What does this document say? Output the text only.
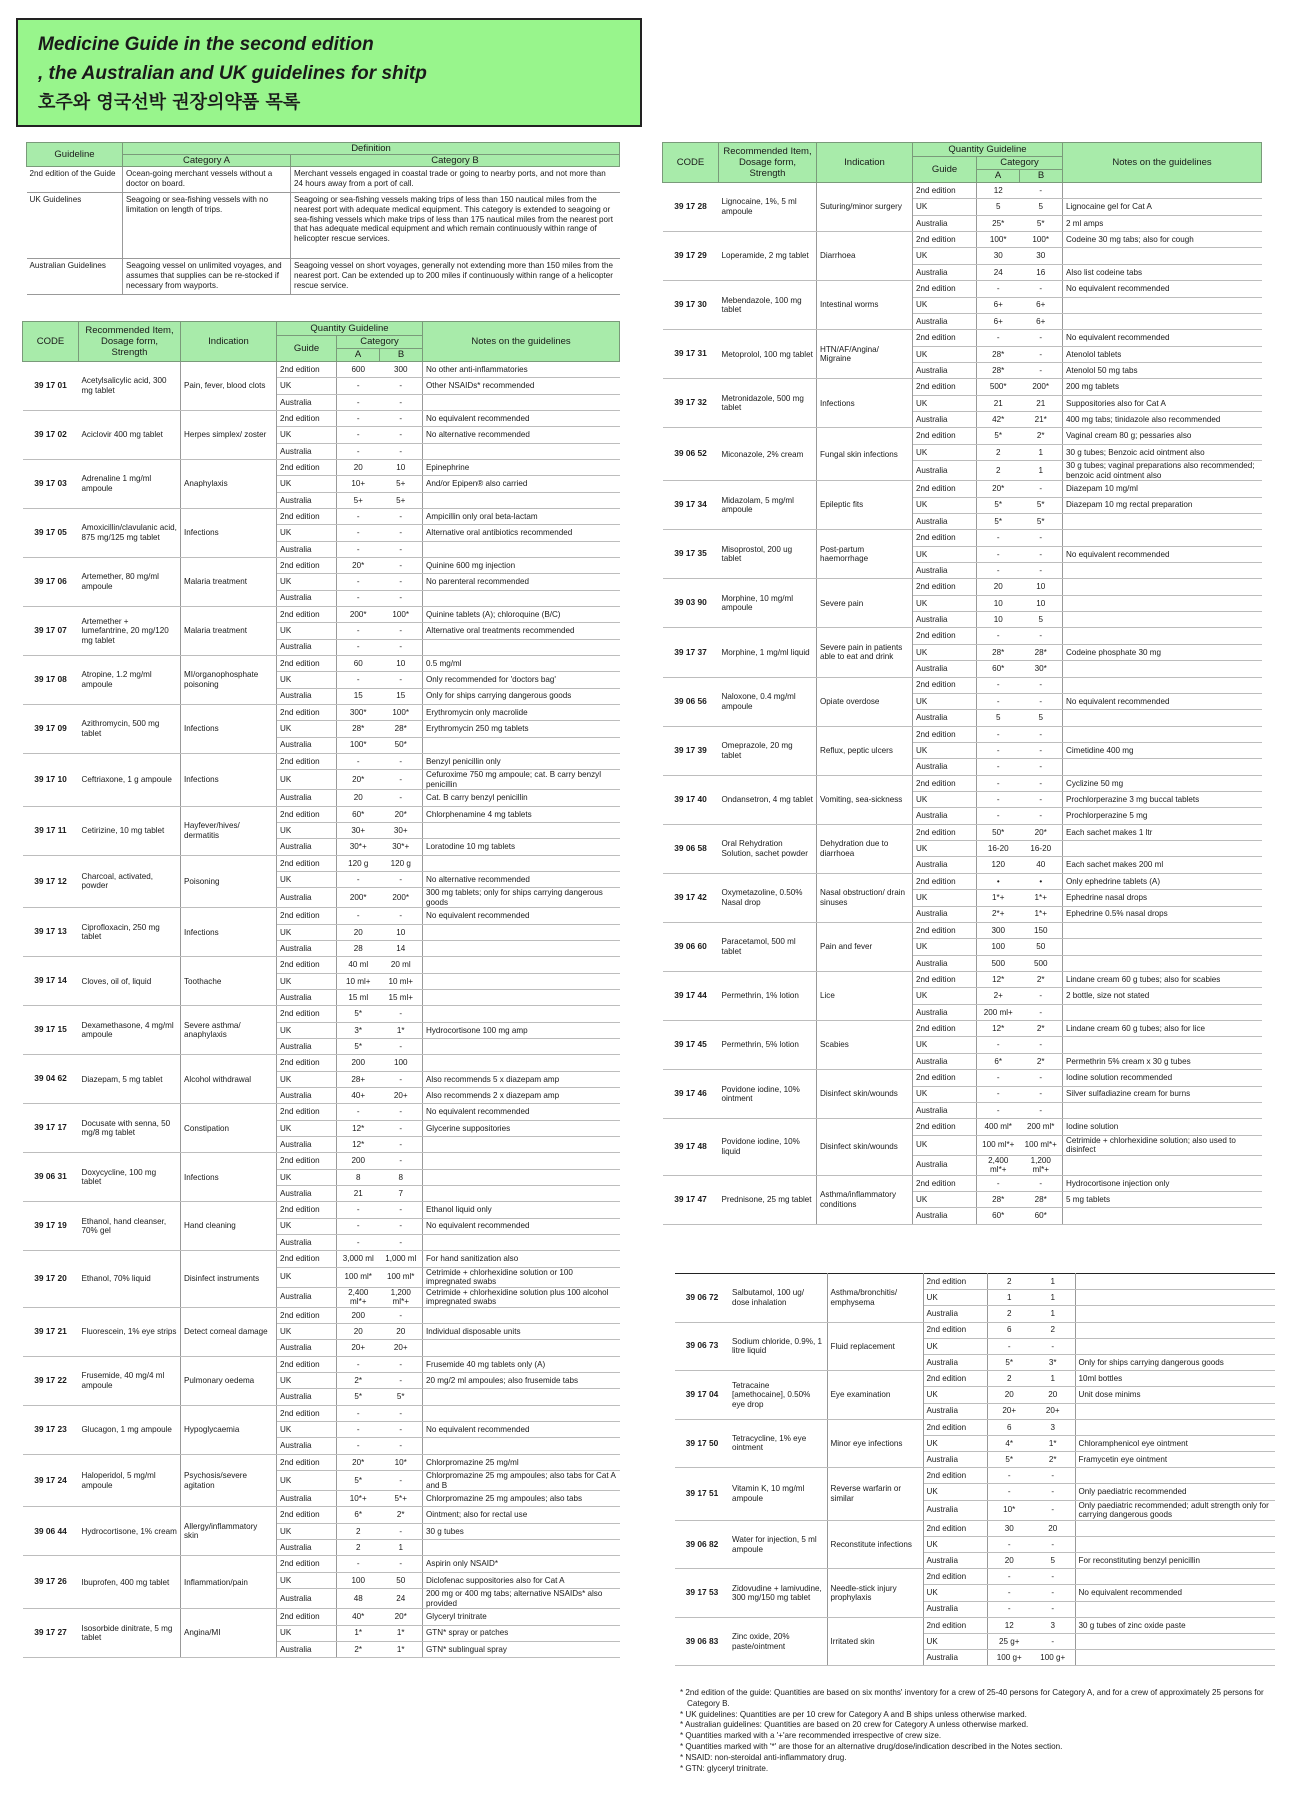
Medicine Guide in the second edition
, the Australian and UK guidelines for shitp
호주와 영국선박 권장의약품 목록
Guideline	Definition	
	Category A	Category B
2nd edition of the Guide	Ocean-going merchant vessels without a doctor on board.	Merchant vessels engaged in coastal trade or going to nearby ports, and not more than 24 hours away from a port of call.
UK Guidelines	Seagoing or sea-fishing vessels with no limitation on length of trips.	Seagoing or sea-fishing vessels making trips of less than 150 nautical miles from the nearest port with adequate medical equipment. This category is extended to seagoing or sea-fishing vessels which make trips of less than 175 nautical miles from the nearest port that has adequate medical equipment and which remain continuously within range of helicopter rescue services.
Australian Guidelines	Seagoing vessel on unlimited voyages, and assumes that supplies can be re-stocked if necessary from wayports.	Seagoing vessel on short voyages, generally not extending more than 150 miles from the nearest port. Can be extended up to 200 miles if continuously within range of a helicopter rescue service.
CODE	Recommended Item, Dosage form, Strength	Indication	Quantity Guideline			Notes on the guidelines
			Guide	Category		
				A	B	
39 17 01	Acetylsalicylic acid, 300 mg tablet	Pain, fever, blood clots	2nd edition	600	300	No other anti-inflammatories
			UK	-	-	Other NSAIDs* recommended
			Australia	-	-	
39 17 02	Aciclovir 400 mg tablet	Herpes simplex/ zoster	2nd edition	-	-	No equivalent recommended
			UK	-	-	No alternative recommended
			Australia	-	-	
39 17 03	Adrenaline 1 mg/ml ampoule	Anaphylaxis	2nd edition	20	10	Epinephrine
			UK	10+	5+	And/or Epipen® also carried
			Australia	5+	5+	
39 17 05	Amoxicillin/clavulanic acid, 875 mg/125 mg tablet	Infections	2nd edition	-	-	Ampicillin only oral beta-lactam
			UK	-	-	Alternative oral antibiotics recommended
			Australia	-	-	
39 17 06	Artemether, 80 mg/ml ampoule	Malaria treatment	2nd edition	20*	-	Quinine 600 mg injection
			UK	-	-	No parenteral recommended
			Australia	-	-	
39 17 07	Artemether + lumefantrine, 20 mg/120 mg tablet	Malaria treatment	2nd edition	200*	100*	Quinine tablets (A); chloroquine (B/C)
			UK	-	-	Alternative oral treatments recommended
			Australia	-	-	
39 17 08	Atropine, 1.2 mg/ml ampoule	MI/organophosphate poisoning	2nd edition	60	10	0.5 mg/ml
			UK	-	-	Only recommended for 'doctors bag'
			Australia	15	15	Only for ships carrying dangerous goods
39 17 09	Azithromycin, 500 mg tablet	Infections	2nd edition	300*	100*	Erythromycin only macrolide
			UK	28*	28*	Erythromycin 250 mg tablets
			Australia	100*	50*	
39 17 10	Ceftriaxone, 1 g ampoule	Infections	2nd edition	-	-	Benzyl penicillin only
			UK	20*	-	Cefuroxime 750 mg ampoule; cat. B carry benzyl penicillin
			Australia	20	-	Cat. B carry benzyl penicillin
39 17 11	Cetirizine, 10 mg tablet	Hayfever/hives/ dermatitis	2nd edition	60*	20*	Chlorphenamine 4 mg tablets
			UK	30+	30+	
			Australia	30*+	30*+	Loratodine 10 mg tablets
39 17 12	Charcoal, activated, powder	Poisoning	2nd edition	120 g	120 g	
			UK	-	-	No alternative recommended
			Australia	200*	200*	300 mg tablets; only for ships carrying dangerous goods
39 17 13	Ciprofloxacin, 250 mg tablet	Infections	2nd edition	-	-	No equivalent recommended
			UK	20	10	
			Australia	28	14	
39 17 14	Cloves, oil of, liquid	Toothache	2nd edition	40 ml	20 ml	
			UK	10 ml+	10 ml+	
			Australia	15 ml	15 ml+	
39 17 15	Dexamethasone, 4 mg/ml ampoule	Severe asthma/ anaphylaxis	2nd edition	5*	-	
			UK	3*	1*	Hydrocortisone 100 mg amp
			Australia	5*	-	
39 04 62	Diazepam, 5 mg tablet	Alcohol withdrawal	2nd edition	200	100	
			UK	28+	-	Also recommends 5 x diazepam amp
			Australia	40+	20+	Also recommends 2 x diazepam amp
39 17 17	Docusate with senna, 50 mg/8 mg tablet	Constipation	2nd edition	-	-	No equivalent recommended
			UK	12*	-	Glycerine suppositories
			Australia	12*	-	
39 06 31	Doxycycline, 100 mg tablet	Infections	2nd edition	200	-	
			UK	8	8	
			Australia	21	7	
39 17 19	Ethanol, hand cleanser, 70% gel	Hand cleaning	2nd edition	-	-	Ethanol liquid only
			UK	-	-	No equivalent recommended
			Australia	-	-	
39 17 20	Ethanol, 70% liquid	Disinfect instruments	2nd edition	3,000 ml	1,000 ml	For hand sanitization also
			UK	100 ml*	100 ml*	Cetrimide + chlorhexidine solution or 100 impregnated swabs
			Australia	2,400 ml*+	1,200 ml*+	Cetrimide + chlorhexidine solution plus 100 alcohol impregnated swabs
39 17 21	Fluorescein, 1% eye strips	Detect corneal damage	2nd edition	200	-	
			UK	20	20	Individual disposable units
			Australia	20+	20+	
39 17 22	Frusemide, 40 mg/4 ml ampoule	Pulmonary oedema	2nd edition	-	-	Frusemide 40 mg tablets only (A)
			UK	2*	-	20 mg/2 ml ampoules; also frusemide tabs
			Australia	5*	5*	
39 17 23	Glucagon, 1 mg ampoule	Hypoglycaemia	2nd edition	-	-	
			UK	-	-	No equivalent recommended
			Australia	-	-	
39 17 24	Haloperidol, 5 mg/ml ampoule	Psychosis/severe agitation	2nd edition	20*	10*	Chlorpromazine 25 mg/ml
			UK	5*	-	Chlorpromazine 25 mg ampoules; also tabs for Cat A and B
			Australia	10*+	5*+	Chlorpromazine 25 mg ampoules; also tabs
39 06 44	Hydrocortisone, 1% cream	Allergy/inflammatory skin	2nd edition	6*	2*	Ointment; also for rectal use
			UK	2	-	30 g tubes
			Australia	2	1	
39 17 26	Ibuprofen, 400 mg tablet	Inflammation/pain	2nd edition	-	-	Aspirin only NSAID*
			UK	100	50	Diclofenac suppositories also for Cat A
			Australia	48	24	200 mg or 400 mg tabs; alternative NSAIDs* also provided
39 17 27	Isosorbide dinitrate, 5 mg tablet	Angina/MI	2nd edition	40*	20*	Glyceryl trinitrate
			UK	1*	1*	GTN* spray or patches
			Australia	2*	1*	GTN* sublingual spray
CODE	Recommended Item, Dosage form, Strength	Indication	Quantity Guideline			Notes on the guidelines
			Guide	Category		
				A	B	
39 17 28	Lignocaine, 1%, 5 ml ampoule	Suturing/minor surgery	2nd edition	12	-	
			UK	5	5	Lignocaine gel for Cat A
			Australia	25*	5*	2 ml amps
39 17 29	Loperamide, 2 mg tablet	Diarrhoea	2nd edition	100*	100*	Codeine 30 mg tabs; also for cough
			UK	30	30	
			Australia	24	16	Also list codeine tabs
39 17 30	Mebendazole, 100 mg tablet	Intestinal worms	2nd edition	-	-	No equivalent recommended
			UK	6+	6+	
			Australia	6+	6+	
39 17 31	Metoprolol, 100 mg tablet	HTN/AF/Angina/ Migraine	2nd edition	-	-	No equivalent recommended
			UK	28*	-	Atenolol tablets
			Australia	28*	-	Atenolol 50 mg tabs
39 17 32	Metronidazole, 500 mg tablet	Infections	2nd edition	500*	200*	200 mg tablets
			UK	21	21	Suppositories also for Cat A
			Australia	42*	21*	400 mg tabs; tinidazole also recommended
39 06 52	Miconazole, 2% cream	Fungal skin infections	2nd edition	5*	2*	Vaginal cream 80 g; pessaries also
			UK	2	1	30 g tubes; Benzoic acid ointment also
			Australia	2	1	30 g tubes; vaginal preparations also recommended; benzoic acid ointment also
39 17 34	Midazolam, 5 mg/ml ampoule	Epileptic fits	2nd edition	20*	-	Diazepam 10 mg/ml
			UK	5*	5*	Diazepam 10 mg rectal preparation
			Australia	5*	5*	
39 17 35	Misoprostol, 200 ug tablet	Post-partum haemorrhage	2nd edition	-	-	
			UK	-	-	No equivalent recommended
			Australia	-	-	
39 03 90	Morphine, 10 mg/ml ampoule	Severe pain	2nd edition	20	10	
			UK	10	10	
			Australia	10	5	
39 17 37	Morphine, 1 mg/ml liquid	Severe pain in patients able to eat and drink	2nd edition	-	-	
			UK	28*	28*	Codeine phosphate 30 mg
			Australia	60*	30*	
39 06 56	Naloxone, 0.4 mg/ml ampoule	Opiate overdose	2nd edition	-	-	
			UK	-	-	No equivalent recommended
			Australia	5	5	
39 17 39	Omeprazole, 20 mg tablet	Reflux, peptic ulcers	2nd edition	-	-	
			UK	-	-	Cimetidine 400 mg
			Australia	-	-	
39 17 40	Ondansetron, 4 mg tablet	Vomiting, sea-sickness	2nd edition	-	-	Cyclizine 50 mg
			UK	-	-	Prochlorperazine 3 mg buccal tablets
			Australia	-	-	Prochlorperazine 5 mg
39 06 58	Oral Rehydration Solution, sachet powder	Dehydration due to diarrhoea	2nd edition	50*	20*	Each sachet makes 1 ltr
			UK	16-20	16-20	
			Australia	120	40	Each sachet makes 200 ml
39 17 42	Oxymetazoline, 0.50% Nasal drop	Nasal obstruction/ drain sinuses	2nd edition	•	•	Only ephedrine tablets (A)
			UK	1*+	1*+	Ephedrine nasal drops
			Australia	2*+	1*+	Ephedrine 0.5% nasal drops
39 06 60	Paracetamol, 500 ml tablet	Pain and fever	2nd edition	300	150	
			UK	100	50	
			Australia	500	500	
39 17 44	Permethrin, 1% lotion	Lice	2nd edition	12*	2*	Lindane cream 60 g tubes; also for scabies
			UK	2+	-	2 bottle, size not stated
			Australia	200 ml+	-	
39 17 45	Permethrin, 5% lotion	Scabies	2nd edition	12*	2*	Lindane cream 60 g tubes; also for lice
			UK	-	-	
			Australia	6*	2*	Permethrin 5% cream x 30 g tubes
39 17 46	Povidone iodine, 10% ointment	Disinfect skin/wounds	2nd edition	-	-	Iodine solution recommended
			UK	-	-	Silver sulfadiazine cream for burns
			Australia	-	-	
39 17 48	Povidone iodine, 10% liquid	Disinfect skin/wounds	2nd edition	400 ml*	200 ml*	Iodine solution
			UK	100 ml*+	100 ml*+	Cetrimide + chlorhexidine solution; also used to disinfect
			Australia	2,400 ml*+	1,200 ml*+	
39 17 47	Prednisone, 25 mg tablet	Asthma/inflammatory conditions	2nd edition	-	-	Hydrocortisone injection only
			UK	28*	28*	5 mg tablets
			Australia	60*	60*	
39 06 72	Salbutamol, 100 ug/ dose inhalation	Asthma/bronchitis/ emphysema	2nd edition	2	1	
			UK	1	1	
			Australia	2	1	
39 06 73	Sodium chloride, 0.9%, 1 litre liquid	Fluid replacement	2nd edition	6	2	
			UK	-	-	
			Australia	5*	3*	Only for ships carrying dangerous goods
39 17 04	Tetracaine [amethocaine], 0.50% eye drop	Eye examination	2nd edition	2	1	10ml bottles
			UK	20	20	Unit dose minims
			Australia	20+	20+	
39 17 50	Tetracycline, 1% eye ointment	Minor eye infections	2nd edition	6	3	
			UK	4*	1*	Chloramphenicol eye ointment
			Australia	5*	2*	Framycetin eye ointment
39 17 51	Vitamin K, 10 mg/ml ampoule	Reverse warfarin or similar	2nd edition	-	-	
			UK	-	-	Only paediatric recommended
			Australia	10*	-	Only paediatric recommended; adult strength only for carrying dangerous goods
39 06 82	Water for injection, 5 ml ampoule	Reconstitute infections	2nd edition	30	20	
			UK	-	-	
			Australia	20	5	For reconstituting benzyl penicillin
39 17 53	Zidovudine + lamivudine, 300 mg/150 mg tablet	Needle-stick injury prophylaxis	2nd edition	-	-	
			UK	-	-	No equivalent recommended
			Australia	-	-	
39 06 83	Zinc oxide, 20% paste/ointment	Irritated skin	2nd edition	12	3	30 g tubes of zinc oxide paste
			UK	25 g+	-	
			Australia	100 g+	100 g+	
* 2nd edition of the guide: Quantities are based on six months' inventory for a crew of 25-40 persons for Category A, and for a crew of approximately 25 persons for Category B.
* UK guidelines: Quantities are per 10 crew for Category A and B ships unless otherwise marked.
* Australian guidelines: Quantities are based on 20 crew for Category A unless otherwise marked.
* Quantities marked with a '+'are recommended irrespective of crew size.
* Quantities marked with '*' are those for an alternative drug/dose/indication described in the Notes section.
* NSAID: non-steroidal anti-inflammatory drug.
* GTN: glyceryl trinitrate.
